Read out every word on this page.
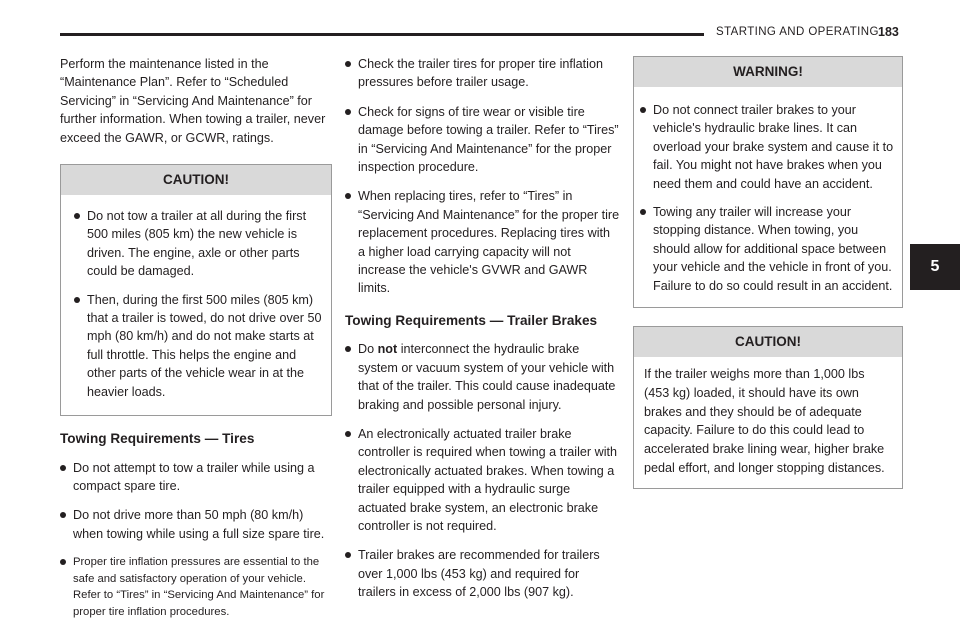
STARTING AND OPERATING 183
5

Perform the maintenance listed in the “Maintenance Plan”. Refer to “Scheduled Servicing” in “Servicing And Maintenance” for further information. When towing a trailer, never exceed the GAWR, or GCWR, ratings.

CAUTION!
Do not tow a trailer at all during the first 500 miles (805 km) the new vehicle is driven. The engine, axle or other parts could be damaged.
Then, during the first 500 miles (805 km) that a trailer is towed, do not drive over 50 mph (80 km/h) and do not make starts at full throttle. This helps the engine and other parts of the vehicle wear in at the heavier loads.
Towing Requirements — Tires
Do not attempt to tow a trailer while using a compact spare tire.
Do not drive more than 50 mph (80 km/h) when towing while using a full size spare tire.
Proper tire inflation pressures are essential to the safe and satisfactory operation of your vehicle. Refer to “Tires” in “Servicing And Maintenance” for proper tire inflation procedures.
Check the trailer tires for proper tire inflation pressures before trailer usage.
Check for signs of tire wear or visible tire damage before towing a trailer. Refer to “Tires” in “Servicing And Maintenance” for the proper inspection procedure.
When replacing tires, refer to “Tires” in “Servicing And Maintenance” for the proper tire replacement procedures. Replacing tires with a higher load carrying capacity will not increase the vehicle's GVWR and GAWR limits.
Towing Requirements — Trailer Brakes
Do not interconnect the hydraulic brake system or vacuum system of your vehicle with that of the trailer. This could cause inadequate braking and possible personal injury.
An electronically actuated trailer brake controller is required when towing a trailer with electronically actuated brakes. When towing a trailer equipped with a hydraulic surge actuated brake system, an electronic brake controller is not required.
Trailer brakes are recommended for trailers over 1,000 lbs (453 kg) and required for trailers in excess of 2,000 lbs (907 kg).
WARNING!
Do not connect trailer brakes to your vehicle's hydraulic brake lines. It can overload your brake system and cause it to fail. You might not have brakes when you need them and could have an accident.
Towing any trailer will increase your stopping distance. When towing, you should allow for additional space between your vehicle and the vehicle in front of you. Failure to do so could result in an accident.
CAUTION!
If the trailer weighs more than 1,000 lbs (453 kg) loaded, it should have its own brakes and they should be of adequate capacity. Failure to do this could lead to accelerated brake lining wear, higher brake pedal effort, and longer stopping distances.
